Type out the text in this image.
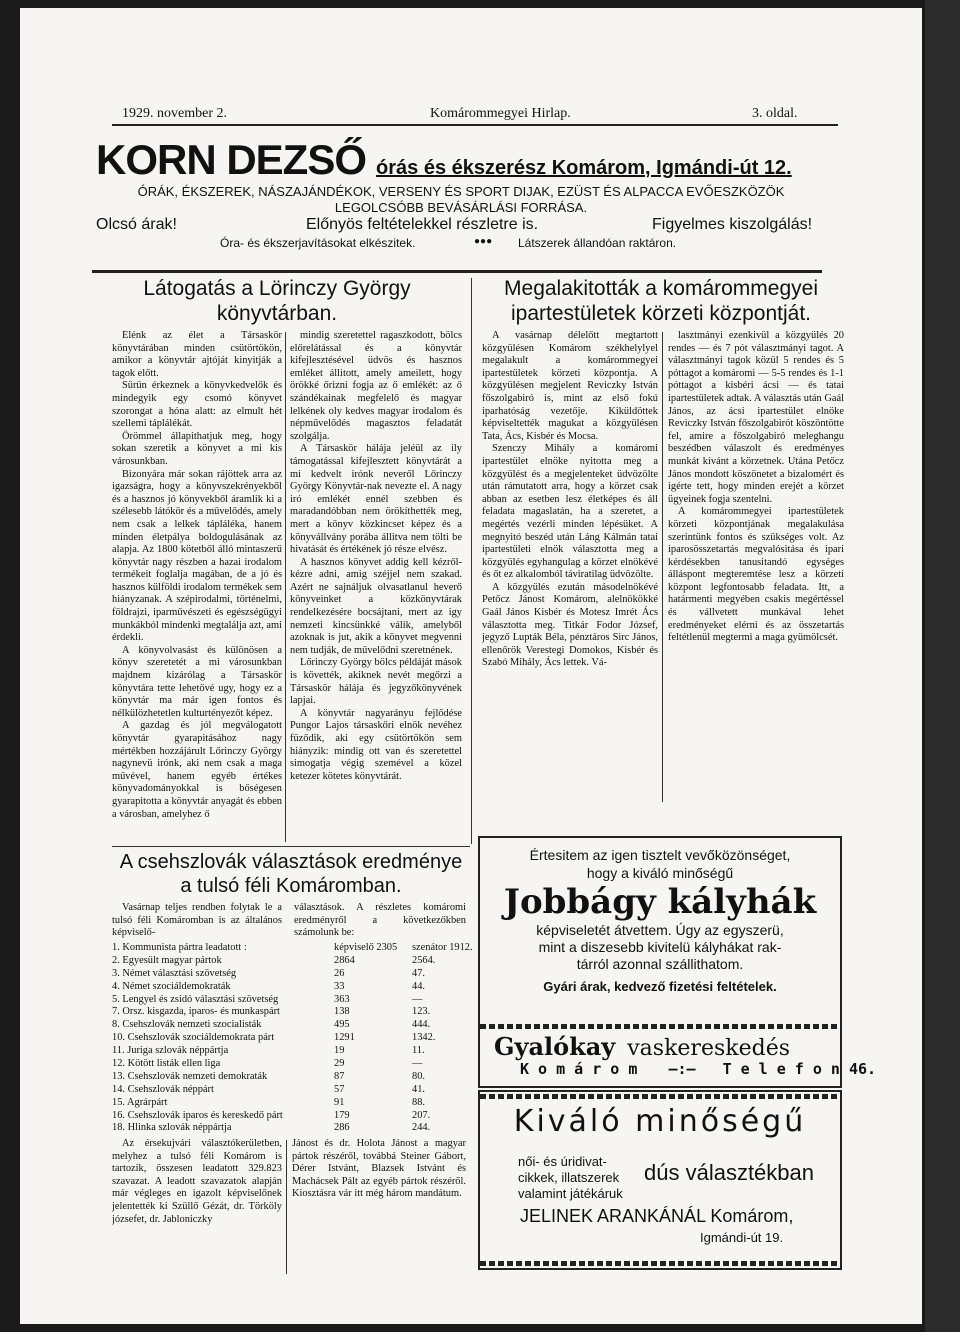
1929. november 2.	Komárommegyei Hirlap.	3. oldal.
KORN DEZSŐ órás és ékszerész Komárom, Igmándi-út 12.
ÓRÁK, ÉKSZEREK, NÁSZAJÁNDÉKOK, VERSENY ÉS SPORT DIJAK, EZÜST ÉS ALPACCA EVŐESZKÖZÖK
LEGOLCSÓBB BEVÁSÁRLÁSI FORRÁSA.
Olcsó árak!	Előnyös feltételekkel részletre is.	Figyelmes kiszolgálás!
Óra- és ékszerjavításokat elkészitek.	●●● Látszerek állandóan raktáron.
Látogatás a Lörinczy György könyvtárban.

Élénk az élet a Társaskör könyvtárában minden csütörtökön, amikor a könyvtár ajtóját kinyitják a tagok előtt.

Sürün érkeznek a könyvkedvelők és mindegyik egy csomó könyvet szorongat a hóna alatt: az elmult hét szellemi táplálékát.

Örömmel állapithatjuk meg, hogy sokan szeretik a könyvet a mi kis városunkban.

Bizonyára már sokan rájöttek arra az igazságra, hogy a könyvszekrényekből és a hasznos jó könyvekből áramlik ki a szélesebb látókör és a művelődés, amely nem csak a lelkek tápláléka, hanem minden életpálya boldogulásának az alapja. Az 1800 kötetből álló mintaszerü könyvtár nagy részben a hazai irodalom termékeit foglalja magában, de a jó és hasznos külföldi irodalom termékek sem hiányzanak. A szépirodalmi, történelmi, földrajzi, iparművészeti és egészségügyi munkákból mindenki megtalálja azt, ami érdekli.

A könyvolvasást és különösen a könyv szeretetét a mi városunkban majdnem kizárólag a Társaskör könyvtára tette lehetővé ugy, hogy ez a könyvtár ma már igen fontos és nélkülözhetetlen kulturtényezőt képez.

A gazdag és jól megválogatott könyvtár gyarapitásához nagy mértékben hozzájárult Lőrinczy György nagynevü irónk, aki nem csak a maga művével, hanem egyéb értékes könyvadományokkal is bőségesen gyarapitotta a könyvtár anyagát és ebben a városban, amelyhez ő

mindig szeretettel ragaszkodott, bölcs előrelátással és a könyvtár kifejlesztésével üdvös és hasznos emléket állitott, amely ameilett, hogy örökké őrizni fogja az ő emlékét: az ő szándékainak megfelelő és magyar lelkének oly kedves magyar irodalom és népművelődés magasztos feladatát szolgálja.

A Társaskör hálája jeléül az ily támogatással kifejlesztett könyvtárát a mi kedvelt irónk neveről Lőrinczy György Könyvtár-nak nevezte el. A nagy iró emlékét ennél szebben és maradandóbban nem örökíthették meg, mert a könyv közkincset képez és a könyvállvány porába állitva nem tölti be hivatását és értékének jó része elvész.

A hasznos könyvet addig kell kézről-kézre adni, amig széjjel nem szakad. Azért ne sajnáljuk olvasatlanul heverő könyveinket a közkönyvtárak rendelkezésére bocsájtani, mert az igy nemzeti kincsünkké válik, amelyből azoknak is jut, akik a könyvet megvenni nem tudják, de művelődni szeretnének.

Lőrinczy György bölcs példáját mások is követték, akiknek nevét megőrzi a Társaskör hálája és jegyzőkönyvének lapjai.

A könyvtár nagyarányu fejlődése Pungor Lajos társaskőri elnök nevéhez füződik, aki egy csütörtökön sem hiányzik: mindig ott van és szeretettel simogatja végig szemével a közel ketezer kötetes könyvtárát.

Megalakitották a komárommegyei ipartestületek körzeti központját.

A vasárnap délelőtt megtartott közgyülésen Komárom székhelylyel megalakult a komárommegyei ipartestületek körzeti központja. A közgyülésen megjelent Reviczky István főszolgabiró is, mint az első fokú iparhatóság vezetője. Kiküldöttek képviseltették magukat a közgyülésen Tata, Ács, Kisbér és Mocsa.

Szenczy Mihály a komáromi ipartestület elnöke nyitotta meg a közgyülést és a megjelenteket üdvözölte után rámutatott arra, hogy a körzet csak abban az esetben lesz életképes és áll feladata magaslatán, ha a szeretet, a megértés vezérli minden lépésüket. A megnyitó beszéd után Láng Kálmán tatai ipartestületi elnök választotta meg a közgyülés egyhangulag a körzet elnökévé és őt ez alkalomból táviratilag üdvözölte.

A közgyülés ezután másodelnökévé Petőcz Jánost Komárom, alelnökökké Gaál János Kisbér és Motesz Imrét Ács választotta meg. Titkár Fodor József, jegyző Lupták Béla, pénztáros Sirc János, ellenőrök Verestegi Domokos, Kisbér és Szabó Mihály, Ács lettek. Vá-

lasztmányi ezenkivül a közgyülés 20 rendes — és 7 pót választmányi tagot. A választmányi tagok közül 5 rendes és 5 póttagot a komáromi — 5-5 rendes és 1-1 póttagot a kisbéri ácsi — és tatai ipartestületek adtak. A választás után Gaál János, az ácsi ipartestület elnöke Reviczky István főszolgabirót köszöntötte fel, amire a főszolgabiró meleghangu beszédben válaszolt és eredményes munkát kívánt a körzetnek. Utána Petőcz János mondott köszönetet a bizalomért és igérte tett, hogy minden erejét a körzet ügyeinek fogja szentelni.

A komárommegyei ipartestületek körzeti központjának megalakulása szerintünk fontos és szükséges volt. Az iparosösszetartás megvalósitása és ipari kérdésekben tanusitandó egységes álláspont megteremtése lesz a körzeti központ legfontosabb feladata. Itt, a határmenti megyében csakis megértéssel és vállvetett munkával lehet eredményeket elérni és az összetartás feltétlenül megtermi a maga gyümölcsét.

A csehszlovák választások eredménye a tulsó féli Komáromban.

Vasárnap teljes rendben folytak le a tulsó féli Komáromban is az általános képviselő-

választások. A részletes komáromi eredményről a következőkben számolunk be:

1. Kommunista pártra leadatott :	képviselő 2305 szenátor 1912.
2. Egyesült magyar pártok	2864	2564.
3. Német választási szövetség	26	47.
4. Német szociáldemokraták	33	44.
5. Lengyel és zsidó választási szövetség	363	—
7. Orsz. kisgazda, iparos- és munkaspárt	138	123.
8. Csehszlovák nemzeti szocialisták	495	444.
10. Csehszlovák szociáldemokrata párt	1291	1342.
11. Juriga szlovák néppártja	19	11.
12. Kötött listák ellen liga	29	—
13. Csehszlovák nemzeti demokraták	87	80.
14. Csehszlovák néppárt	57	41.
15. Agrárpárt	91	88.
16. Csehszlovák iparos és kereskedő párt	179	207.
18. Hlinka szlovák néppártja	286	244.

Az érsekujvári választókerületben, melyhez a tulsó féli Komárom is tartozik, összesen leadatott 329.823 szavazat. A leadott szavazatok alapján már végleges en igazolt képviselőnek jelentették ki Szüllő Gézát, dr. Törköly józsefet, dr. Jabloniczky

Jánost és dr. Holota Jánost a magyar pártok részéről, továbbá Steiner Gábort, Dérer Istvánt, Blazsek Istvánt és Machácsek Pált az egyéb pártok részéről. Kiosztásra vár itt még három mandátum.

Értesitem az igen tisztelt vevőközönséget,
hogy a kiváló minőségű
Jobbágy kályhák
képviseletét átvettem. Úgy az egyszerü,
mint a diszesebb kivitelü kályhákat rak-
tárról azonnal szállithatom.
Gyári árak, kedvező fizetési feltételek.
Gyalókay vaskereskedés
K o m á r o m —:— T e l e f o n 46.
Kiváló minőségű
női- és úridivat-
cikkek, illatszerek
valamint játékáruk
dús választékban
JELINEK ARANKÁNÁL Komárom,
Igmándi-út 19.
